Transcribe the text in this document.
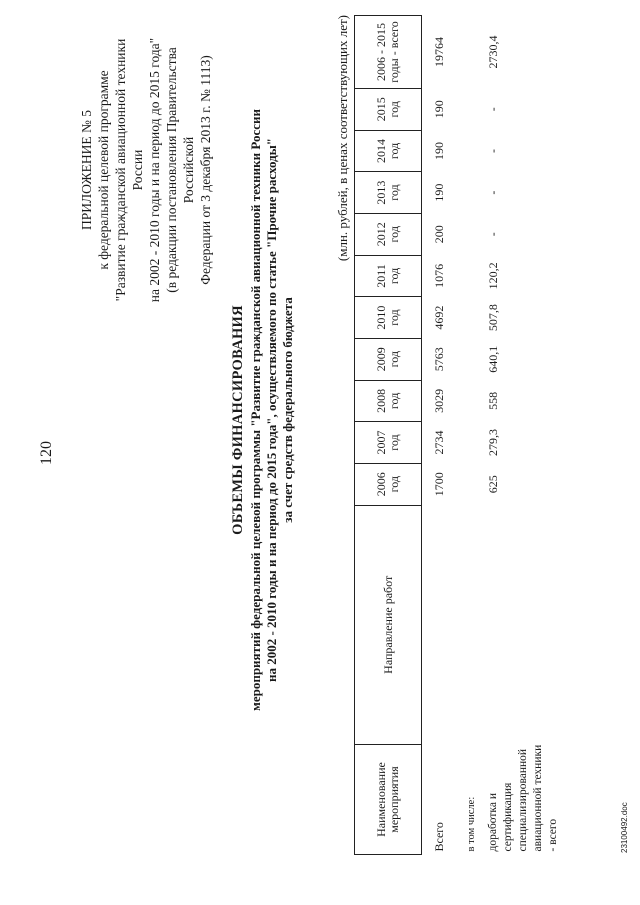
120
ПРИЛОЖЕНИЕ № 5 к федеральной целевой программе "Развитие гражданской авиационной техники России на 2002 - 2010 годы и на период до 2015 года" (в редакции постановления Правительства Российской Федерации от 3 декабря 2013 г. № 1113)
ОБЪЕМЫ ФИНАНСИРОВАНИЯ мероприятий федеральной целевой программы "Развитие гражданской авиационной техники России на 2002 - 2010 годы и на период до 2015 года", осуществляемого по статье "Прочие расходы" за счет средств федерального бюджета
(млн. рублей, в ценах соответствующих лет)
Наименование мероприятия	Направление работ	2006 год	2007 год	2008 год	2009 год	2010 год	2011 год	2012 год	2013 год	2014 год	2015 год	2006 - 2015 годы - всего
Всего		1700	2734	3029	5763	4692	1076	200	190	190	190	19764
в том числе:												
доработка и сертификация специализированной авиационной техники - всего		625	279,3	558	640,1	507,8	120,2	-	-	-	-	2730,4
23100492.doc
